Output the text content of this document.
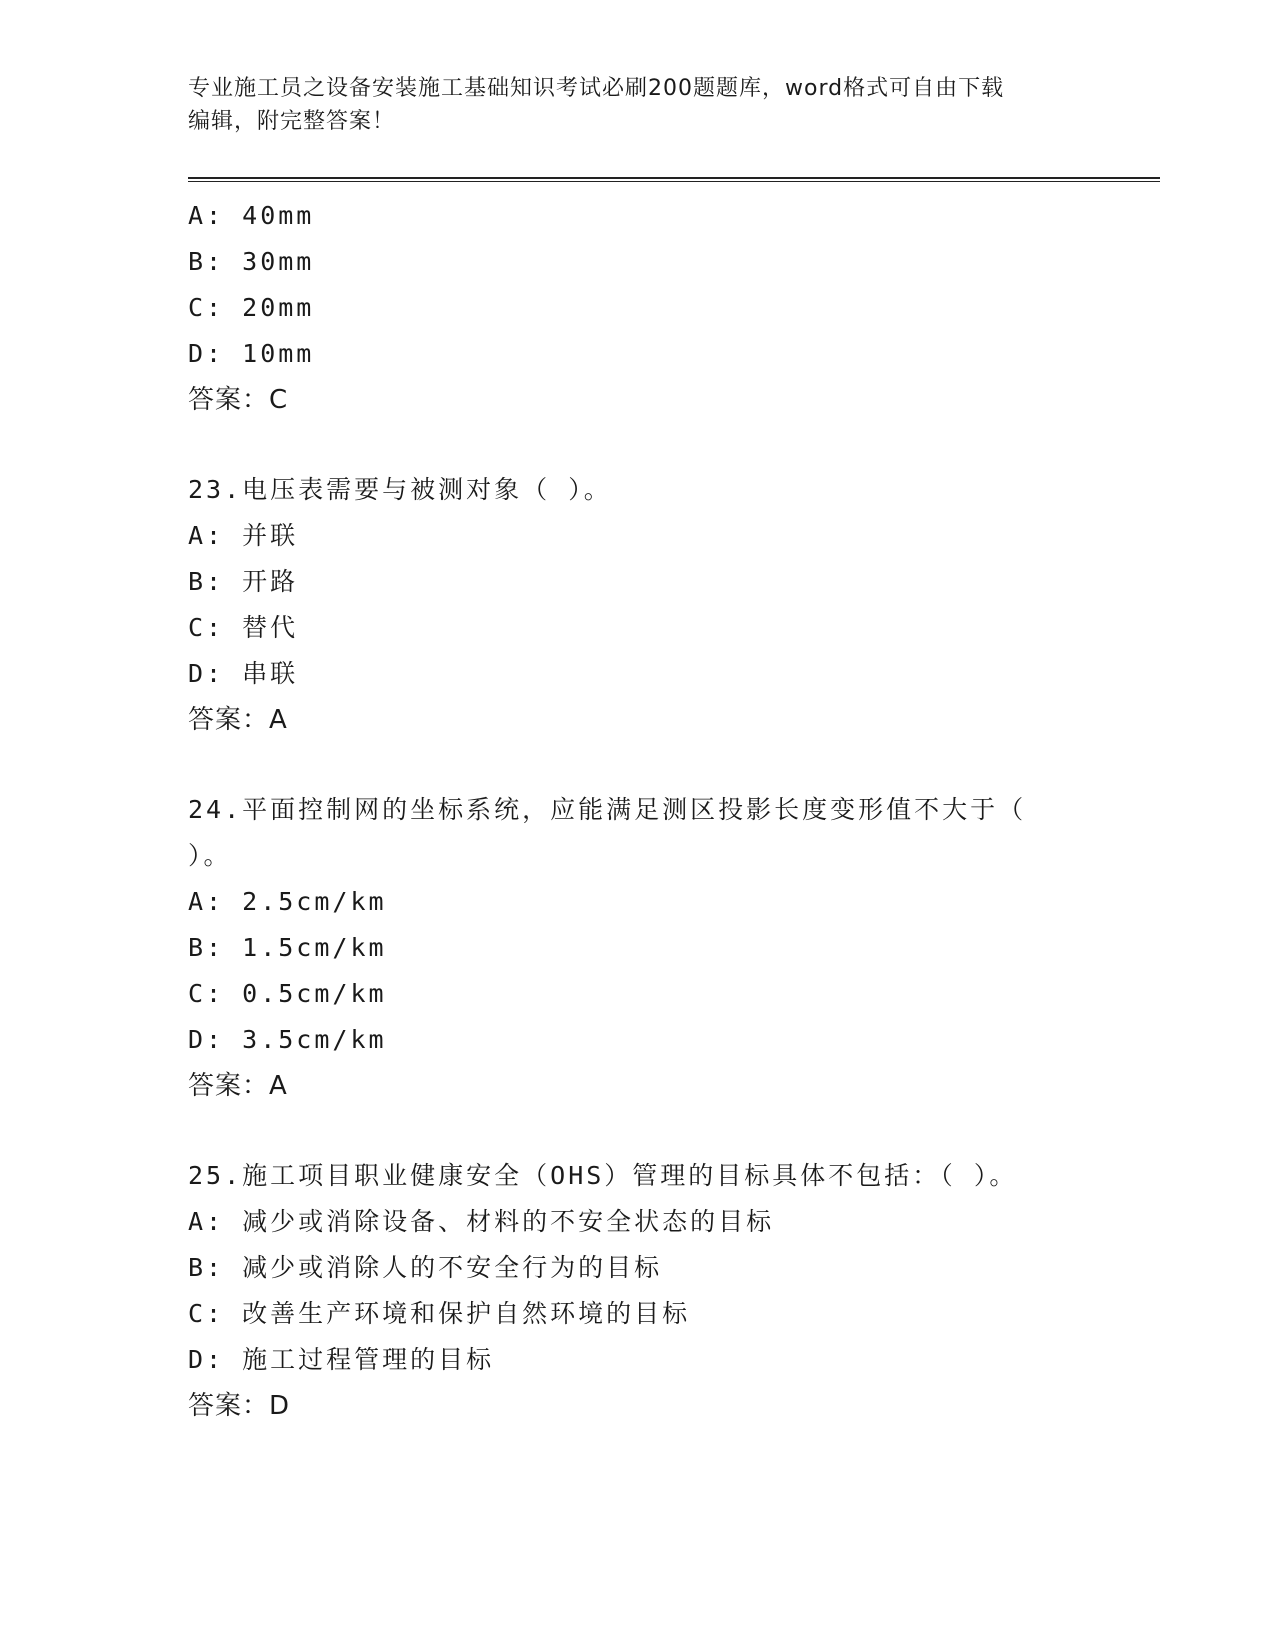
专业施工员之设备安装施工基础知识考试必刷200题题库，word格式可自由下载
编辑，附完整答案！
A: 40mm
B: 30mm
C: 20mm
D: 10mm
答案：C
23.电压表需要与被测对象（ ）。
A: 并联
B: 开路
C: 替代
D: 串联
答案：A
24.平面控制网的坐标系统，应能满足测区投影长度变形值不大于（
）。
A: 2.5cm/km
B: 1.5cm/km
C: 0.5cm/km
D: 3.5cm/km
答案：A
25.施工项目职业健康安全（OHS）管理的目标具体不包括：（ ）。
A: 减少或消除设备、材料的不安全状态的目标
B: 减少或消除人的不安全行为的目标
C: 改善生产环境和保护自然环境的目标
D: 施工过程管理的目标
答案：D
